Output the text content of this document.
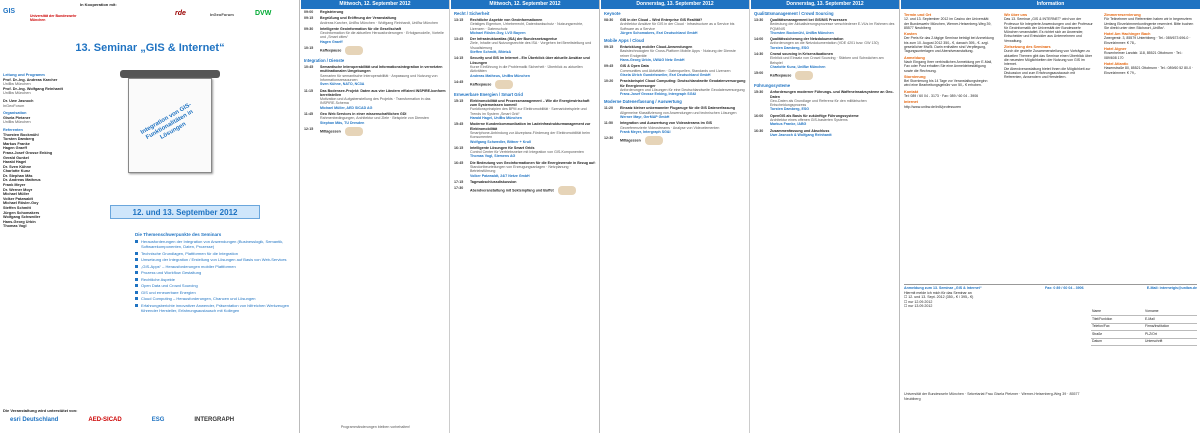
In Kooperation mit:
GIS
Universität der Bundeswehr München
rde	InGeoForum	DVW
13. Seminar „GIS & Internet“
Leitung und Programm
Prof. Dr.-Ing. Andreas Karcher
UniBw München
Prof. Dr.-Ing. Wolfgang Reinhardt
UniBw München
Dr. Uwe Jasnoch
InGeoForum
Organisation
Gisela Pietzner
UniBw München
Referenten
Thorsten Bockmühl
Torsten Damberg
Markus Franke
Hagen Graeff
Franz-Josef Grosse Enking
Gerald Gunkel
Harald Hagel
Dr. Sven Kühne
Charlotte Kunz
Dr. Stephan Mäs
Dr. Andreas Matheus
Frank Meyer
Dr. Werner Moyr
Michael Müller
Volker Patzwaldt
Michael Rösler-Goy
Steffen Schmitt
Jürgen Schomakers
Wolfgang Schwedler
Hans-Georg Urbin
Thomas Vogl
Integration von GIS-Funktionalitäten in Lösungen
12. und 13. September 2012
Die Themenschwerpunkte des Seminars
Herausforderungen der Integration von Anwendungen (Businesslogik, Semantik, Softwarekomponenten, Daten, Prozesse)
Technische Grundlagen, Plattformen für die Integration
Umsetzung der Integration / Erstellung von Lösungen auf Basis von Web-Services
„GIS-Apps“ – Herausforderungen mobiler Plattformen
Prozess und Workflow Gestaltung
Rechtliche Aspekte
Open Data und Crowd Sourcing
GIS und erneuerbare Energien
Cloud Computing – Herausforderungen, Chancen und Lösungen
Erfahrungsberichte innovativer Anwender, Präsentation von hilfreichen Werkzeugen führender Hersteller, Erfahrungsaustausch mit Kollegen
Die Veranstaltung wird unterstützt von:
esri Deutschland	AED-SICAD	ESG	INTERGRAPH
Mittwoch, 12. September 2012
09:00	Registrierung
09:15	Begrüßung und Eröffnung der Veranstaltung
Andreas Karcher, UniBw München · Wolfgang Reinhardt, UniBw München
09:30	Intelligente Geoinformation für die Gesellschaft
Geoinformation für die aktuellen Herausforderungen · Erfolgsmodelle, Vorteile und „Smart cities“
Hagen Graeff
10:15
Kaffeepause
Integration / Dienste
10:45	Semantische Interoperabilität und Informationsintegration in vernetzten multinationalen Umgebungen
Szenarien für semantische Interoperabilität · Anpassung und Nutzung von Informationsressourcen
Sven Kühne, NATO, NC3A
11:15	Das Bodensee-Projekt: Daten aus vier Ländern effizient INSPIRE-konform bereitstellen
Motivation und Aufgabenstellung des Projekts · Transformation in das INSPIRE-Schema
Michael Müller, AED SICAD AG
11:45	Geo Web Services in einer wissenschaftlichen GDI
Rahmenbedingungen, Architektur und Ziele · Beispiele von Diensten
Stephan Mäs, TU Dresden
12:15
Mittagessen
Programmänderungen bleiben vorbehalten!
Mittwoch, 12. September 2012
Recht / Sicherheit
13:15	Rechtliche Aspekte von Geoinformationen
Geistiges Eigentum, Urheberrecht, Datenbankschutz · Nutzungsrechte, Lizenzen · Datenschutz
Michael Rösler-Goy, LVG Bayern
13:45	Der Infrastrukturatlas (ISA) der Bundesnetzagentur
Ziele, Inhalte und Nutzungsrechte des ISA · Vorgehen bei Bereitstellung und Visualisierung
Steffen Schmitt, BNetzA
14:15	Security und GIS im Internet - Ein Überblick über aktuelle Ansätze und Lösungen
Kurze Einführung in die Problematik Sicherheit · Überblick zu aktuellen Aktivitäten
Andreas Matheus, UniBw München
14:45
Kaffeepause
Erneuerbare Energien / Smart Grid
15:15	Elektromobilität und Prozessmanagement – Wie die Energiewirtschaft zum Systemwissen kommt!
Funktionsprinzipien des BPM zur Elektromobilität · Szenariobeispiele und Trends im System „Smart Grid“
Harald Hagel, UniBw München
15:45	Moderne Kundenkommunikation im Ladeinfrastrukturmanagement zur Elektromobilität
Smartphone-Anbindung zur Akzeptanz-Förderung der Elektromobilität beim Konsumenten
Wolfgang Schwedler, Bittner + Krull
16:15	Intelligente Lösungen für Smart Grids
Control Center für Vertriebsnetze mit Integration von GIS-Komponenten
Thomas Vogl, Siemens AG
16:45	Die Bedeutung von Geoinformationen für die Energiewende in Bezug auf:
Standortbeurteilungen von Erzeugungsanlagen · Netzplanung · Betriebsführung
Volker Patzwaldt, 24/7 Netze GmbH
17:15	Tagesabschlussdiskussion
17:30
Abendveranstaltung mit Sektempfang und Buffet
Donnerstag, 13. September 2012
Keynote
08:30	GIS in der Cloud – Wird Enterprise GIS Realität?
Architektur Ansätze für GIS in der Cloud · Infrastructure as a Service bis Software as a Service
Jürgen Schomakers, Esri Deutschland GmbH
Mobile Apps / Cloud
09:15	Entwicklung mobiler Cloud-Anwendungen
Basistechnologien für Cross-Platform Mobile Apps · Nutzung der Dienste reiner Endgeräte
Hans-Georg Urbin, UWAG Netz GmbH
09:45	GIS & Open Data
Communities und Aktivitäten · Datenquellen, Standards und Lizenzen
Gisela Ulrich Gundelsweiler, Esri Deutschland GmbH
10:20	Praxisbeispiel Cloud Computing: Deutschlandweite Geodatenversorgung für Energieversorger
Anforderungen und Lösungen für eine Deutschlandweite Geodatenversorgung
Franz-Josef Grosse Enking, Intergraph SG&I
Moderne Datenerfassung / Auswertung
11:20	Einsatz kleiner unbemannter Flugzeuge für die GIS Datenerfassung
Allgemeine Klassifizierung von Anwendungen und technischen Lösungen
Werner Mayr, GerMAP GmbH
11:50	Integration und Auswertung von Videostreams im GIS
Georeferenzierte Videostreams · Analyse von Videoelementen
Frank Meyer, Intergraph SG&I
12:30
Mittagessen
Donnerstag, 13. September 2012
Qualitätsmanagement / Crowd Sourcing
13:30	Qualitätsmanagement bei GIS/NIS Prozessen
Bedeutung der Aktualisierungsprozesse verschiedener E-VUs im Rahmen des PQM/NIS
Thorsten Bockmühl, UniBw München
14:00	Qualitätssicherung der Netzdokumentation
Anforderungen an die Netzdokumentation (VDE 4201 bzw. GW 130)
Torsten Damberg, ESG
14:30	Crowd sourcing in Krisensituationen
Einblick und Einsatz von Crowd Sourcing · Stärken und Schwächen am Beispiel
Charlotte Kunz, UniBw München
15:00
Kaffeepause
Führungssysteme
15:30	Anforderungen moderner Führungs- und Waffeneinsatzsysteme an Geo-Daten
Geo-Daten als Grundlage und Referenz für den militärischen Entscheidungsprozess
Torsten Damberg, ESG
16:00	OpenGIS als Basis für zukünftige Führungssysteme
Architektur eines offenen GIS-basierten Systems
Markus Franke, IABG
16:30	Zusammenfassung und Abschluss
Uwe Jasnoch & Wolfgang Reinhardt
Information
Termin und Ort
12. und 13. September 2012 im Casino der Universität der Bundeswehr München, Werner-Heisenberg-Weg 39, 85577 Neubiberg
Kosten
Der Preis für das 2-tägige Seminar beträgt bei Anmeldung bis zum 10. August 2012 350,- €, danach 395,- €. zzgl. gesetzlicher MwSt. Darin enthalten sind Verpflegung, Tagungsunterlagen und Abendveranstaltung.
Anmeldung
Nach Eingang Ihrer verbindlichen Anmeldung per E-Mail, Fax oder Post erhalten Sie eine Anmeldebestätigung sowie die Rechnung.
Stornierung
Bei Stornierung bis 14 Tage vor Veranstaltungsbeginn wird eine Bearbeitungsgebühr von 50,- € erhoben.
Kontakt
Tel: 089 / 60 04 - 3173 · Fax: 089 / 60 04 - 3906
Internet
http://www.unibw.de/inf4/professuren
Wir über uns
Das 13. Seminar „GIS & INTERNET“ wird von der Professur für Integrierte Anwendungen und der Professur für Geoinformatik der Universität der Bundeswehr München veranstaltet. Es richtet sich an Anwender, Entscheider und Entwickler aus Unternehmen und Verwaltung.
Zielsetzung des Seminars
Durch die gezielte Zusammenstellung von Vorträgen zu aktuellen Themen gibt das Seminar einen Überblick über die neuesten Möglichkeiten der Nutzung von GIS im Internet.
Die Abendveranstaltung bietet Ihnen die Möglichkeit zur Diskussion und zum Erfahrungsaustausch mit Referenten, Anwendern und Herstellern.
Zimmerreservierung
Für Teilnehmer und Referenten haben wir in begrenztem Umfang Einzelzimmerkontingente reserviert. Bitte buchen Sie direkt unter dem Stichwort „UniBw“.
Hotel Am Hachinger Bach
Zwergerstr. 3, 85579 Unterbiberg · Tel.: 089/673 696-0 · Einzelzimmer: € 78,-
Hotel Aigner
Rosenheimer Landstr. 118, 85521 Ottobrunn · Tel.: 089/608 170
Hotel Atlantic
Hasenstraße 80, 85521 Ottobrunn · Tel.: 089/60 52 80-0 · Einzelzimmer: € 79,-
Anmeldung zum 13. Seminar „GIS & Internet“	Fax: 0 89 / 60 04 - 3906	E-Mail: internetgis@unibw.de
Hiermit melde ich mich für das Seminar an
☐ 12. und 13. Sept. 2012 (350,- € / 395,- €)
☐ nur 12.09.2012
☐ nur 13.09.2012
Name	Vorname
Titel/Funktion	E-Mail
Telefon/Fax	Firma/Institution
Straße	PLZ/Ort
Datum	Unterschrift
Universität der Bundeswehr München · Sekretariat Frau Gisela Pietzner · Werner-Heisenberg-Weg 39 · 85577 Neubiberg
